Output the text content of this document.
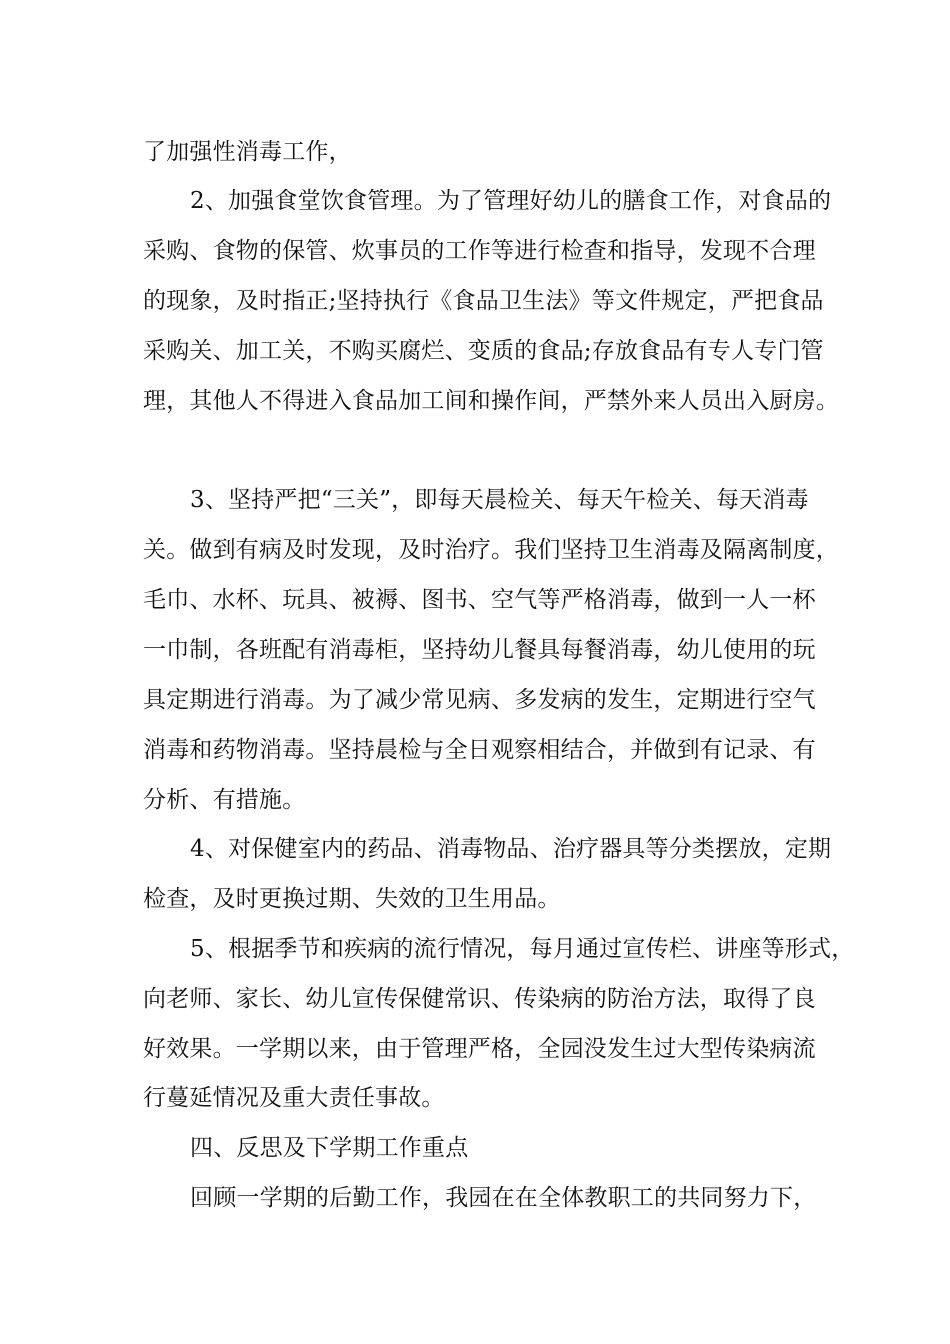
了加强性消毒工作，
2、加强食堂饮食管理。为了管理好幼儿的膳食工作，对食品的
采购、食物的保管、炊事员的工作等进行检查和指导，发现不合理
的现象，及时指正;坚持执行《食品卫生法》等文件规定，严把食品
采购关、加工关，不购买腐烂、变质的食品;存放食品有专人专门管
理，其他人不得进入食品加工间和操作间，严禁外来人员出入厨房。
3、坚持严把“三关”，即每天晨检关、每天午检关、每天消毒
关。做到有病及时发现，及时治疗。我们坚持卫生消毒及隔离制度，
毛巾、水杯、玩具、被褥、图书、空气等严格消毒，做到一人一杯
一巾制，各班配有消毒柜，坚持幼儿餐具每餐消毒，幼儿使用的玩
具定期进行消毒。为了减少常见病、多发病的发生，定期进行空气
消毒和药物消毒。坚持晨检与全日观察相结合，并做到有记录、有
分析、有措施。
4、对保健室内的药品、消毒物品、治疗器具等分类摆放，定期
检查，及时更换过期、失效的卫生用品。
5、根据季节和疾病的流行情况，每月通过宣传栏、讲座等形式，
向老师、家长、幼儿宣传保健常识、传染病的防治方法，取得了良
好效果。一学期以来，由于管理严格，全园没发生过大型传染病流
行蔓延情况及重大责任事故。
四、反思及下学期工作重点
回顾一学期的后勤工作，我园在在全体教职工的共同努力下，
